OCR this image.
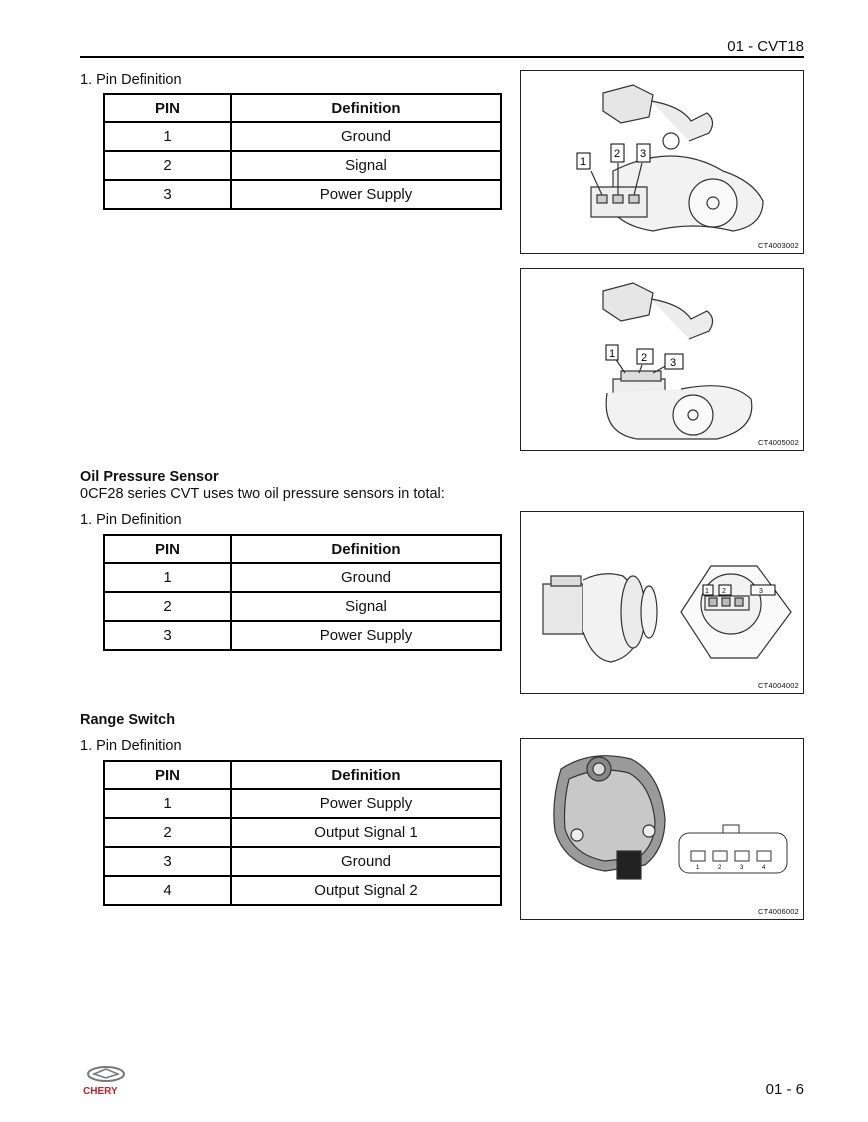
01 - CVT18
1. Pin Definition
PIN	Definition
1	Ground
2	Signal
3	Power Supply
1
2 3
CT4003002
1 2 3
CT4005002
Oil Pressure Sensor
0CF28 series CVT uses two oil pressure sensors in total:
1. Pin Definition
PIN	Definition
1	Ground
2	Signal
3	Power Supply
1 2	3
CT4004002
Range Switch
1. Pin Definition
PIN	Definition
1	Power Supply
2	Output Signal 1
3	Ground
4	Output Signal 2
1	2	3	4
CT4006002
CHERY	01 - 6
